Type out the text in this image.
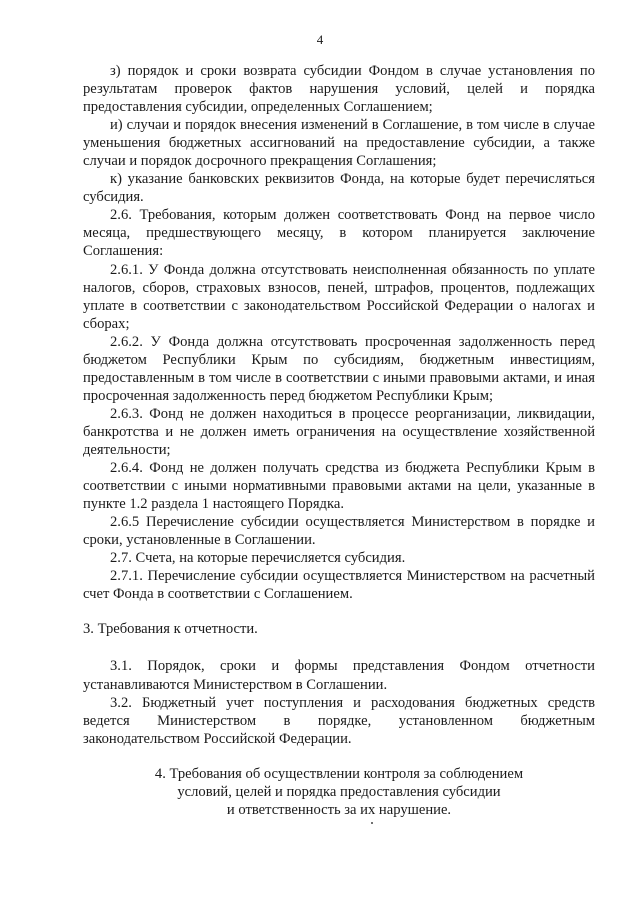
4

з) порядок и сроки возврата субсидии Фондом в случае установления по результатам проверок фактов нарушения условий, целей и порядка предоставления субсидии, определенных Соглашением;

и) случаи и порядок внесения изменений в Соглашение, в том числе в случае уменьшения бюджетных ассигнований на предоставление субсидии, а также случаи и порядок досрочного прекращения Соглашения;

к) указание банковских реквизитов Фонда, на которые будет перечисляться субсидия.

2.6. Требования, которым должен соответствовать Фонд на первое число месяца, предшествующего месяцу, в котором планируется заключение Соглашения:

2.6.1. У Фонда должна отсутствовать неисполненная обязанность по уплате налогов, сборов, страховых взносов, пеней, штрафов, процентов, подлежащих уплате в соответствии с законодательством Российской Федерации о налогах и сборах;

2.6.2. У Фонда должна отсутствовать просроченная задолженность перед бюджетом Республики Крым по субсидиям, бюджетным инвестициям, предоставленным в том числе в соответствии с иными правовыми актами, и иная просроченная задолженность перед бюджетом Республики Крым;

2.6.3. Фонд не должен находиться в процессе реорганизации, ликвидации, банкротства и не должен иметь ограничения на осуществление хозяйственной деятельности;

2.6.4. Фонд не должен получать средства из бюджета Республики Крым в соответствии с иными нормативными правовыми актами на цели, указанные в пункте 1.2 раздела 1 настоящего Порядка.

2.6.5 Перечисление субсидии осуществляется Министерством в порядке и сроки, установленные в Соглашении.

2.7. Счета, на которые перечисляется субсидия.

2.7.1. Перечисление субсидии осуществляется Министерством на расчетный счет Фонда в соответствии с Соглашением.

3. Требования к отчетности.

3.1. Порядок, сроки и формы представления Фондом отчетности устанавливаются Министерством в Соглашении.

3.2. Бюджетный учет поступления и расходования бюджетных средств ведется Министерством в порядке, установленном бюджетным законодательством Российской Федерации.

4. Требования об осуществлении контроля за соблюдением
условий, целей и порядка предоставления субсидии
и ответственность за их нарушение.
